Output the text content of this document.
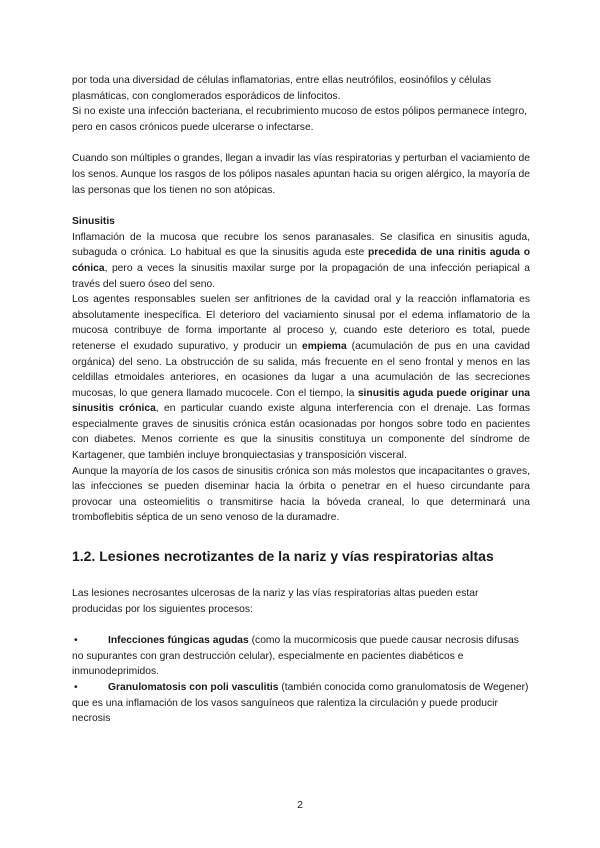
por toda una diversidad de células inflamatorias, entre ellas neutrófilos, eosinófilos y células plasmáticas, con conglomerados esporádicos de linfocitos.

Si no existe una infección bacteriana, el recubrimiento mucoso de estos pólipos permanece íntegro, pero en casos crónicos puede ulcerarse o infectarse.

Cuando son múltiples o grandes, llegan a invadir las vías respiratorias y perturban el vaciamiento de los senos. Aunque los rasgos de los pólipos nasales apuntan hacia su origen alérgico, la mayoría de las personas que los tienen no son atópicas.

Sinusitis

Inflamación de la mucosa que recubre los senos paranasales. Se clasifica en sinusitis aguda, subaguda o crónica. Lo habitual es que la sinusitis aguda este precedida de una rinitis aguda o cónica, pero a veces la sinusitis maxilar surge por la propagación de una infección periapical a través del suero óseo del seno.

Los agentes responsables suelen ser anfitriones de la cavidad oral y la reacción inflamatoria es absolutamente inespecífica. El deterioro del vaciamiento sinusal por el edema inflamatorio de la mucosa contribuye de forma importante al proceso y, cuando este deterioro es total, puede retenerse el exudado supurativo, y producir un empiema (acumulación de pus en una cavidad orgánica) del seno. La obstrucción de su salida, más frecuente en el seno frontal y menos en las celdillas etmoidales anteriores, en ocasiones da lugar a una acumulación de las secreciones mucosas, lo que genera llamado mucocele. Con el tiempo, la sinusitis aguda puede originar una sinusitis crónica, en particular cuando existe alguna interferencia con el drenaje. Las formas especialmente graves de sinusitis crónica están ocasionadas por hongos sobre todo en pacientes con diabetes. Menos corriente es que la sinusitis constituya un componente del síndrome de Kartagener, que también incluye bronquiectasias y transposición visceral.

Aunque la mayoría de los casos de sinusitis crónica son más molestos que incapacitantes o graves, las infecciones se pueden diseminar hacia la órbita o penetrar en el hueso circundante para provocar una osteomielitis o transmitirse hacia la bóveda craneal, lo que determinará una tromboflebitis séptica de un seno venoso de la duramadre.

1.2. Lesiones necrotizantes de la nariz y vías respiratorias altas

Las lesiones necrosantes ulcerosas de la nariz y las vías respiratorias altas pueden estar producidas por los siguientes procesos:

•	Infecciones fúngicas agudas (como la mucormicosis que puede causar necrosis difusas no supurantes con gran destrucción celular), especialmente en pacientes diabéticos e inmunodeprimidos.

•	Granulomatosis con poli vasculitis (también conocida como granulomatosis de Wegener) que es una inflamación de los vasos sanguíneos que ralentiza la circulación y puede producir necrosis

2
